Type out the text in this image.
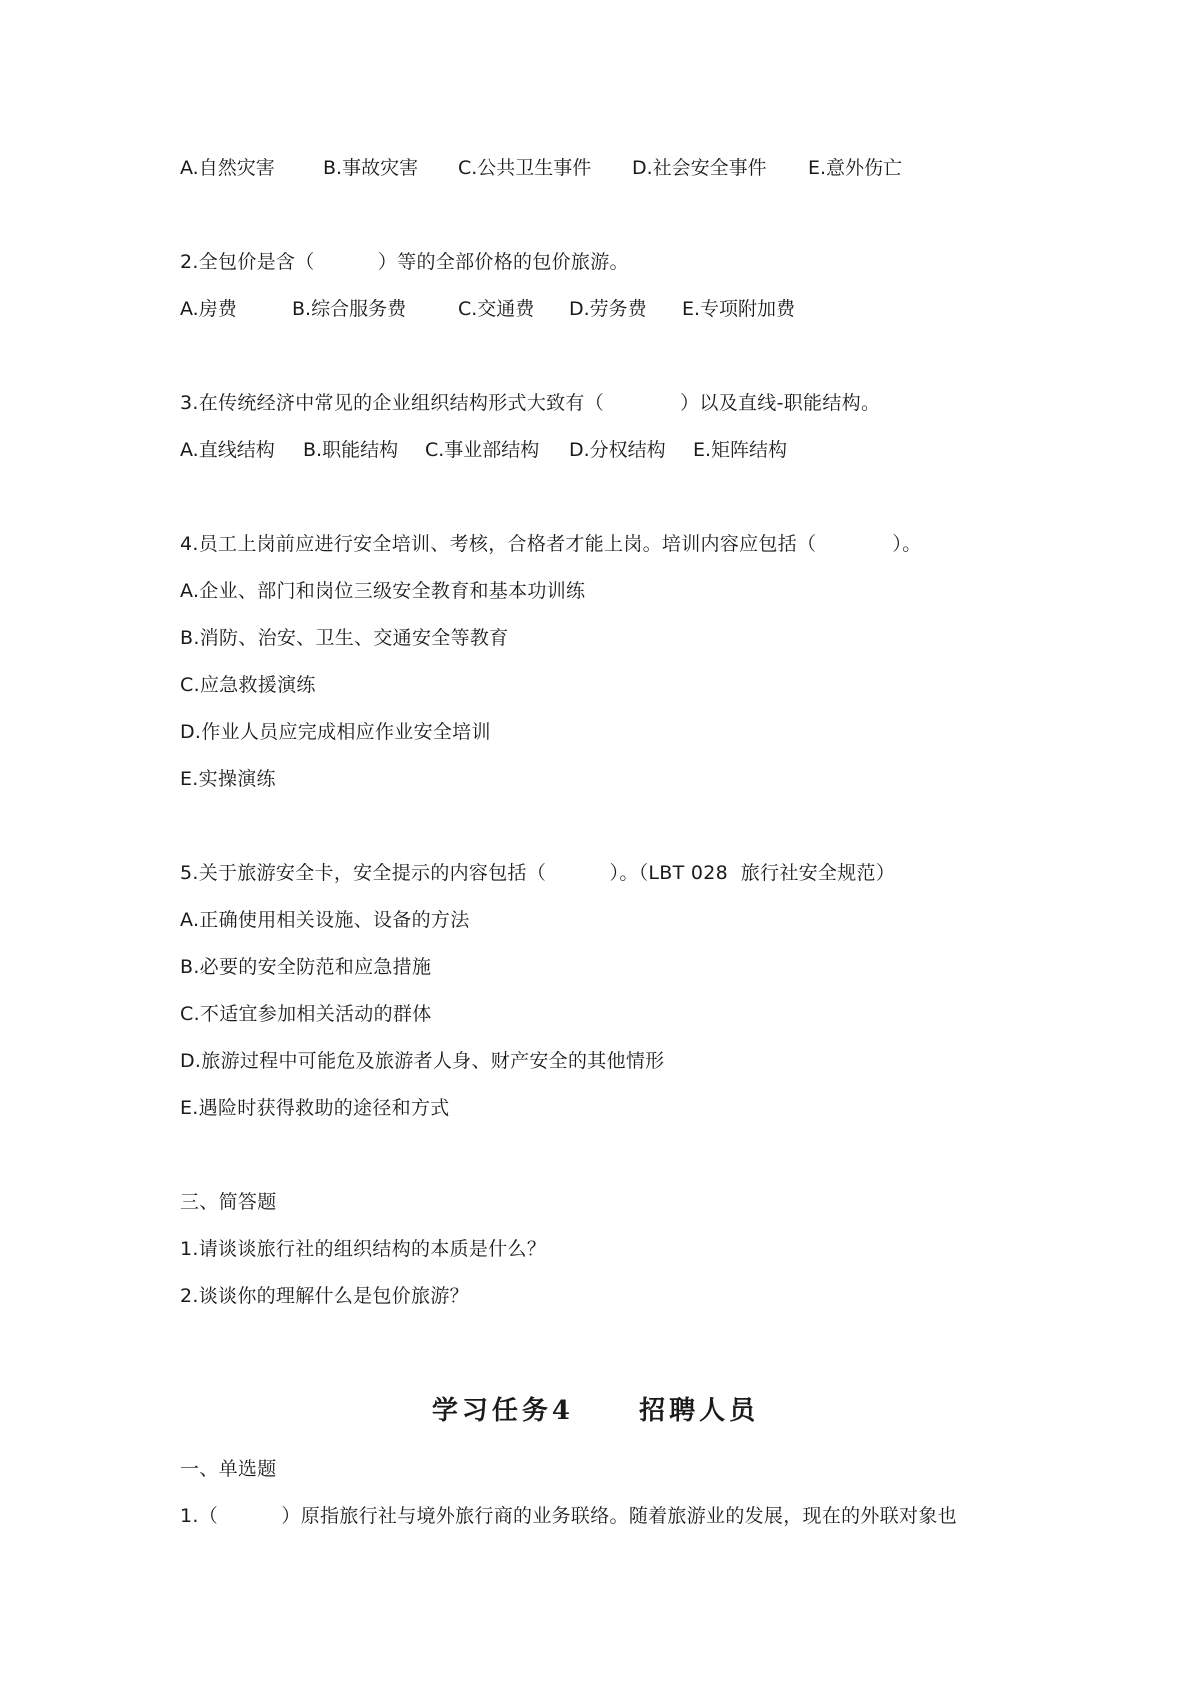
A.自然灾害	B.事故灾害 C.公共卫生事件 D.社会安全事件 E.意外伤亡
2.全包价是含（          ）等的全部价格的包价旅游。
A.房费	B.综合服务费	C.交通费 D.劳务费 E.专项附加费
3.在传统经济中常见的企业组织结构形式大致有（            ）以及直线-职能结构。
A.直线结构 B.职能结构 C.事业部结构 D.分权结构 E.矩阵结构
4.员工上岗前应进行安全培训、考核，合格者才能上岗。培训内容应包括（            ）。
A.企业、部门和岗位三级安全教育和基本功训练
B.消防、治安、卫生、交通安全等教育
C.应急救援演练
D.作业人员应完成相应作业安全培训
E.实操演练
5.关于旅游安全卡，安全提示的内容包括（          ）。（LBT 028  旅行社安全规范）
A.正确使用相关设施、设备的方法
B.必要的安全防范和应急措施
C.不适宜参加相关活动的群体
D.旅游过程中可能危及旅游者人身、财产安全的其他情形
E.遇险时获得救助的途径和方式
三、简答题
1.请谈谈旅行社的组织结构的本质是什么？
2.谈谈你的理解什么是包价旅游？
学习任务4     招聘人员
一、单选题
1.（          ）原指旅行社与境外旅行商的业务联络。随着旅游业的发展，现在的外联对象也
